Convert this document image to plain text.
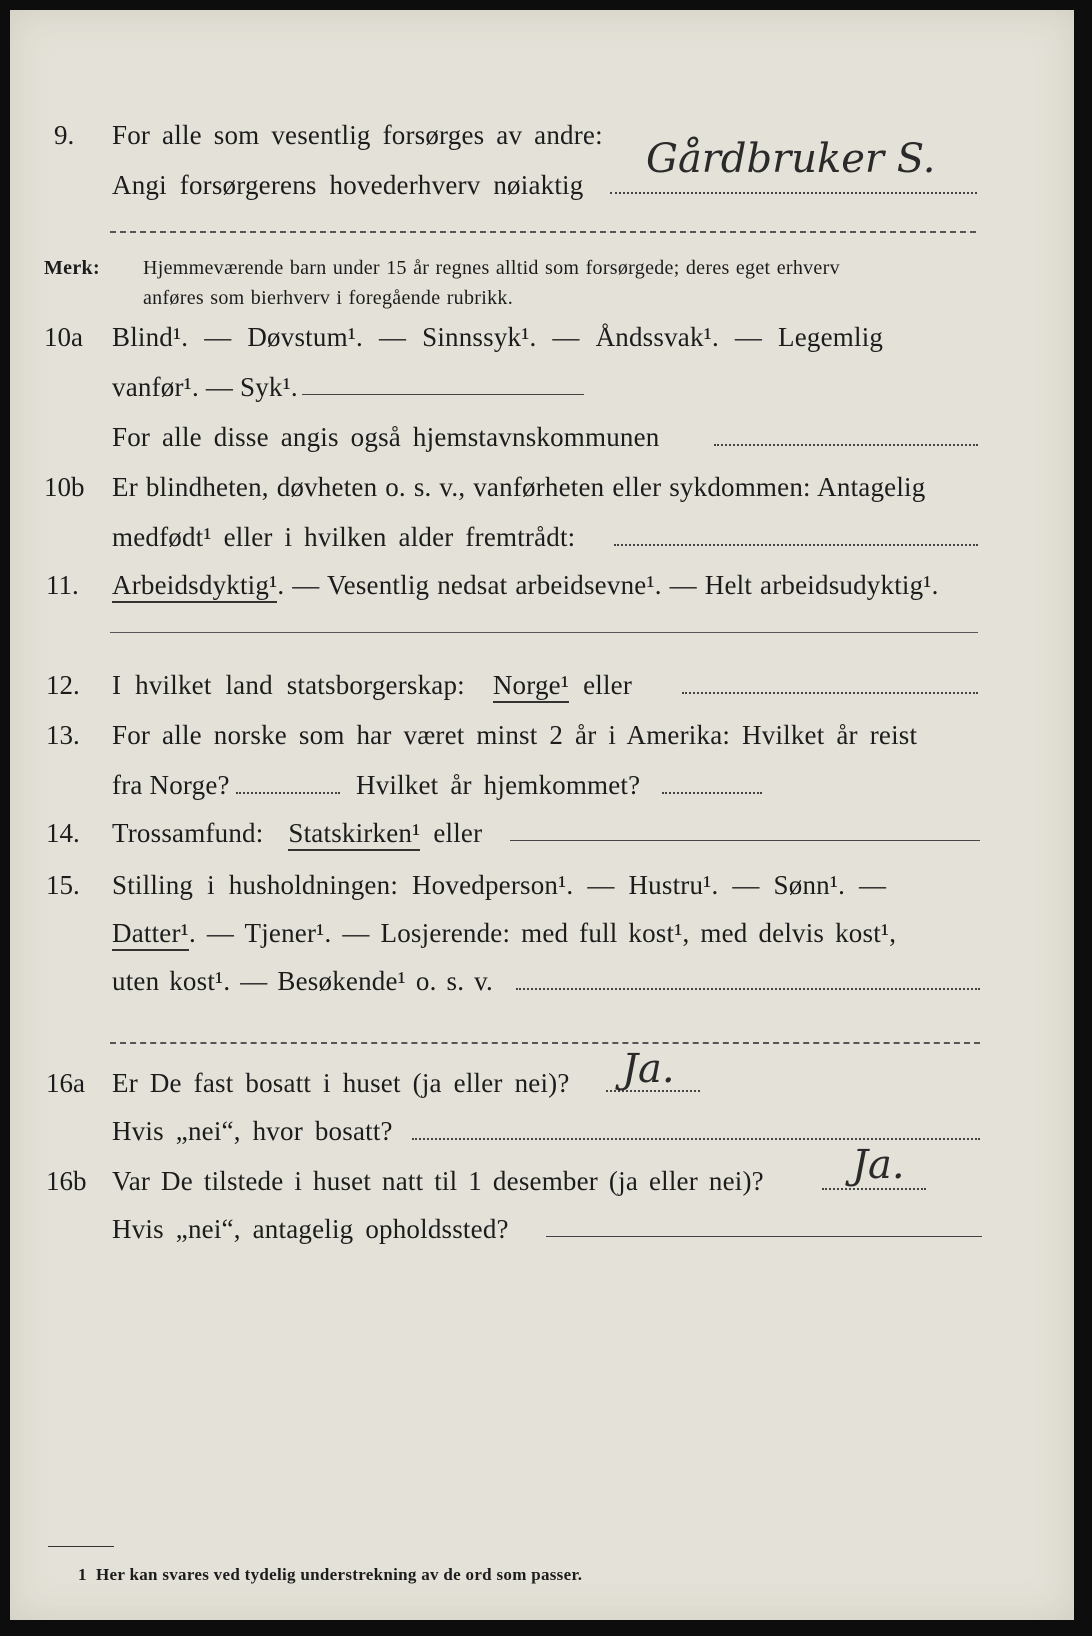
9. For alle som vesentlig forsørges av andre:
Angi forsørgerens hovederhverv nøiaktig
Gårdbruker S.
Merk: Hjemmeværende barn under 15 år regnes alltid som forsørgede; deres eget erhverv
anføres som bierhverv i foregående rubrikk.
10a Blind¹. — Døvstum¹. — Sinnssyk¹. — Åndssvak¹. — Legemlig
vanfør¹. — Syk¹.
For alle disse angis også hjemstavnskommunen
10b Er blindheten, døvheten o. s. v., vanførheten eller sykdommen: Antagelig
medfødt¹ eller i hvilken alder fremtrådt:
11. Arbeidsdyktig¹. — Vesentlig nedsat arbeidsevne¹. — Helt arbeidsudyktig¹.
12. I hvilket land statsborgerskap: Norge¹ eller
13. For alle norske som har været minst 2 år i Amerika: Hvilket år reist
fra Norge?	Hvilket år hjemkommet?
14. Trossamfund: Statskirken¹ eller
15. Stilling i husholdningen: Hovedperson¹. — Hustru¹. — Sønn¹. —
Datter¹. — Tjener¹. — Losjerende: med full kost¹, med delvis kost¹,
uten kost¹. — Besøkende¹ o. s. v.
16a Er De fast bosatt i huset (ja eller nei)? Ja.
Hvis „nei“, hvor bosatt?
16b Var De tilstede i huset natt til 1 desember (ja eller nei)? Ja.
Hvis „nei“, antagelig opholdssted?
1 Her kan svares ved tydelig understrekning av de ord som passer.
